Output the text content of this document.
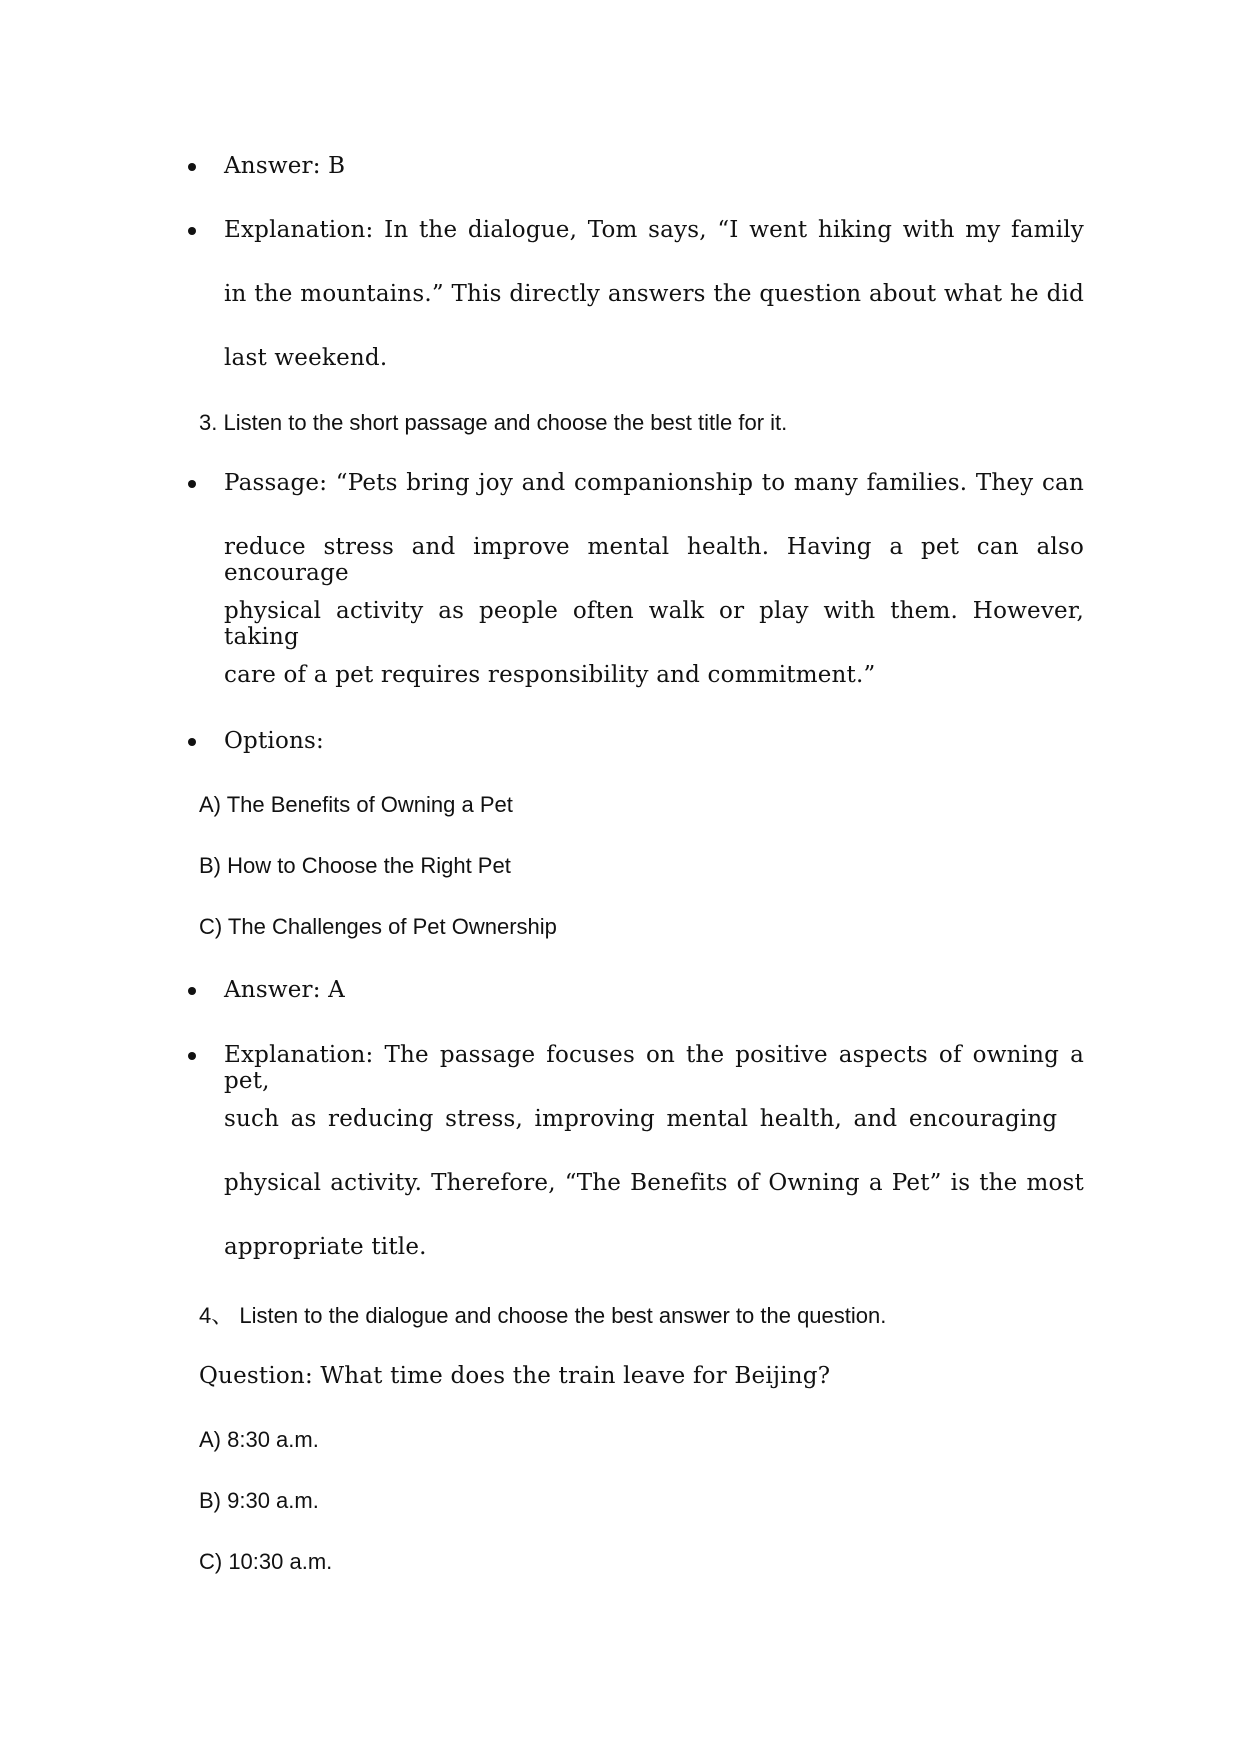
Answer: B
Explanation: In the dialogue, Tom says, “I went hiking with my family
in the mountains.” This directly answers the question about what he did
last weekend.
3. Listen to the short passage and choose the best title for it.
Passage: “Pets bring joy and companionship to many families. They can
reduce stress and improve mental health. Having a pet can also encourage
physical activity as people often walk or play with them. However, taking
care of a pet requires responsibility and commitment.”
Options:
A) The Benefits of Owning a Pet
B) How to Choose the Right Pet
C) The Challenges of Pet Ownership
Answer: A
Explanation: The passage focuses on the positive aspects of owning a pet,
such as reducing stress, improving mental health, and encouraging
physical activity. Therefore, “The Benefits of Owning a Pet” is the most
appropriate title.
4、 Listen to the dialogue and choose the best answer to the question.
Question: What time does the train leave for Beijing?
A) 8:30 a.m.
B) 9:30 a.m.
C) 10:30 a.m.
